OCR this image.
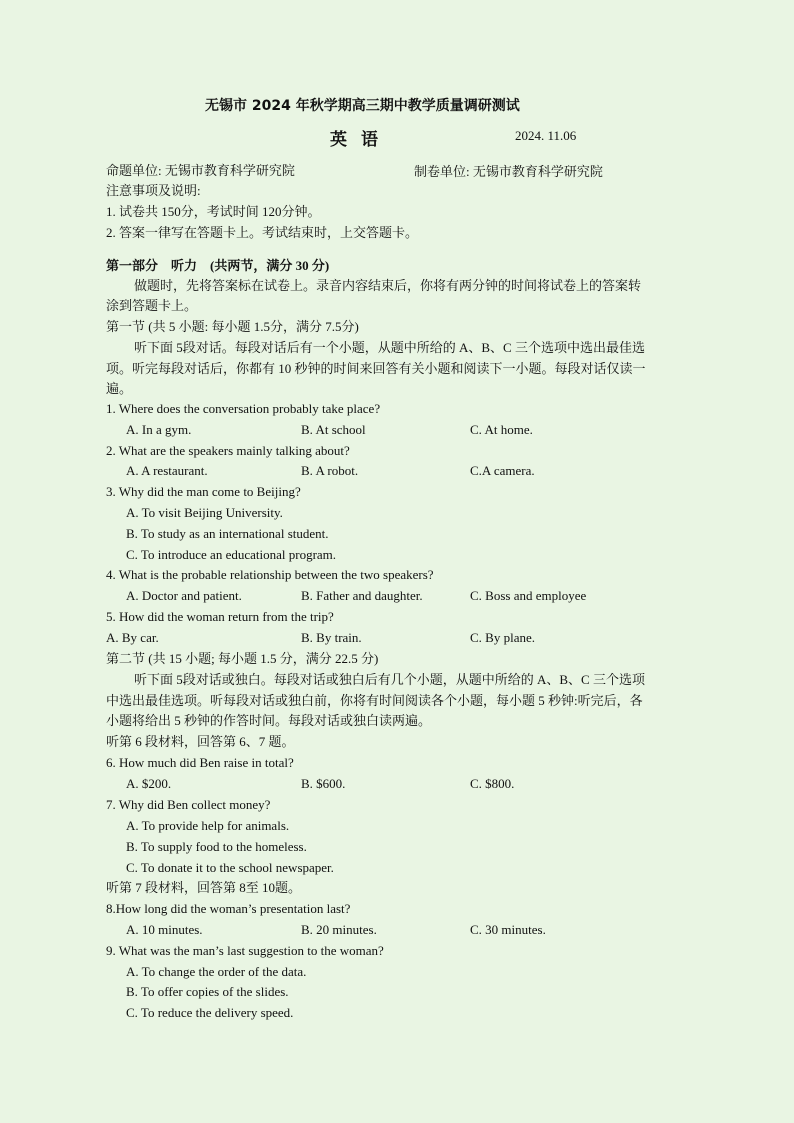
无锡市 2024 年秋学期高三期中教学质量调研测试
英语	2024. 11.06
命题单位: 无锡市教育科学研究院	制卷单位: 无锡市教育科学研究院
注意事项及说明:
1. 试卷共 150分，考试时间 120分钟。
2. 答案一律写在答题卡上。考试结束时，上交答题卡。
第一部分　听力　(共两节，满分 30 分)
做题时，先将答案标在试卷上。录音内容结束后，你将有两分钟的时间将试卷上的答案转
涂到答题卡上。
第一节 (共 5 小题: 每小题 1.5分，满分 7.5分)
听下面 5段对话。每段对话后有一个小题，从题中所给的 A、B、C 三个选项中选出最佳选
项。听完每段对话后，你都有 10 秒钟的时间来回答有关小题和阅读下一小题。每段对话仅读一
遍。
1. Where does the conversation probably take place?
A. In a gym.	B. At school	C. At home.
2. What are the speakers mainly talking about?
A. A restaurant.	B. A robot.	C.A camera.
3. Why did the man come to Beijing?
A. To visit Beijing University.
B. To study as an international student.
C. To introduce an educational program.
4. What is the probable relationship between the two speakers?
A. Doctor and patient.	B. Father and daughter.	C. Boss and employee
5. How did the woman return from the trip?
A. By car.	B. By train.	C. By plane.
第二节 (共 15 小题; 每小题 1.5 分，满分 22.5 分)
听下面 5段对话或独白。每段对话或独白后有几个小题，从题中所给的 A、B、C 三个选项
中选出最佳选项。听每段对话或独白前，你将有时间阅读各个小题，每小题 5 秒钟:听完后，各
小题将给出 5 秒钟的作答时间。每段对话或独白读两遍。
听第 6 段材料，回答第 6、7 题。
6. How much did Ben raise in total?
A. $200.	B. $600.	C. $800.
7. Why did Ben collect money?
A. To provide help for animals.
B. To supply food to the homeless.
C. To donate it to the school newspaper.
听第 7 段材料，回答第 8至 10题。
8.How long did the woman’s presentation last?
A. 10 minutes.	B. 20 minutes.	C. 30 minutes.
9. What was the man’s last suggestion to the woman?
A. To change the order of the data.
B. To offer copies of the slides.
C. To reduce the delivery speed.
